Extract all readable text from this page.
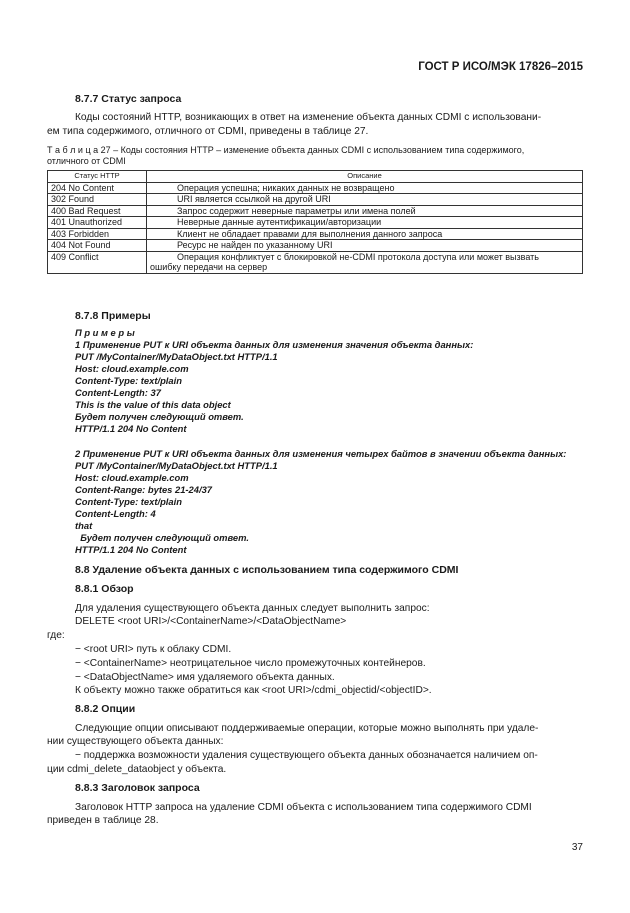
ГОСТ Р ИСО/МЭК 17826–2015
8.7.7 Статус запроса
Коды состояний HTTP, возникающих в ответ на изменение объекта данных CDMI с использовани-
ем типа содержимого, отличного от CDMI, приведены в таблице 27.
Т а б л и ц а 27 – Коды состояния HTTP – изменение объекта данных CDMI с использованием типа содержимого,
отличного от CDMI
Статус HTTP	Описание
204 No Content	Операция успешна; никаких данных не возвращено
302 Found	URI является ссылкой на другой URI
400 Bad Request	Запрос содержит неверные параметры или имена полей
401 Unauthorized	Неверные данные аутентификации/авторизации
403 Forbidden	Клиент не обладает правами для выполнения данного запроса
404 Not Found	Ресурс не найден по указанному URI
409 Conflict	Операция конфликтует с блокировкой не-CDMI протокола доступа или может вызвать
ошибку передачи на сервер
8.7.8 Примеры
П р и м е р ы
1 Применение PUT к URI объекта данных для изменения значения объекта данных:
PUT /MyContainer/MyDataObject.txt HTTP/1.1
Host: cloud.example.com
Content-Type: text/plain
Content-Length: 37
This is the value of this data object
Будет получен следующий ответ.
HTTP/1.1 204 No Content
2 Применение PUT к URI объекта данных для изменения четырех байтов в значении объекта данных:
PUT /MyContainer/MyDataObject.txt HTTP/1.1
Host: cloud.example.com
Content-Range: bytes 21-24/37
Content-Type: text/plain
Content-Length: 4
that
Будет получен следующий ответ.
HTTP/1.1 204 No Content
8.8 Удаление объекта данных с использованием типа содержимого CDMI
8.8.1 Обзор
Для удаления существующего объекта данных следует выполнить запрос:
DELETE <root URI>/<ContainerName>/<DataObjectName>
где:
− <root URI> путь к облаку CDMI.
− <ContainerName> неотрицательное число промежуточных контейнеров.
− <DataObjectName> имя удаляемого объекта данных.
К объекту можно также обратиться как <root URI>/cdmi_objectid/<objectID>.
8.8.2 Опции
Следующие опции описывают поддерживаемые операции, которые можно выполнять при удале-
нии существующего объекта данных:
− поддержка возможности удаления существующего объекта данных обозначается наличием оп-
ции cdmi_delete_dataobject у объекта.
8.8.3 Заголовок запроса
Заголовок HTTP запроса на удаление CDMI объекта с использованием типа содержимого CDMI
приведен в таблице 28.
37
